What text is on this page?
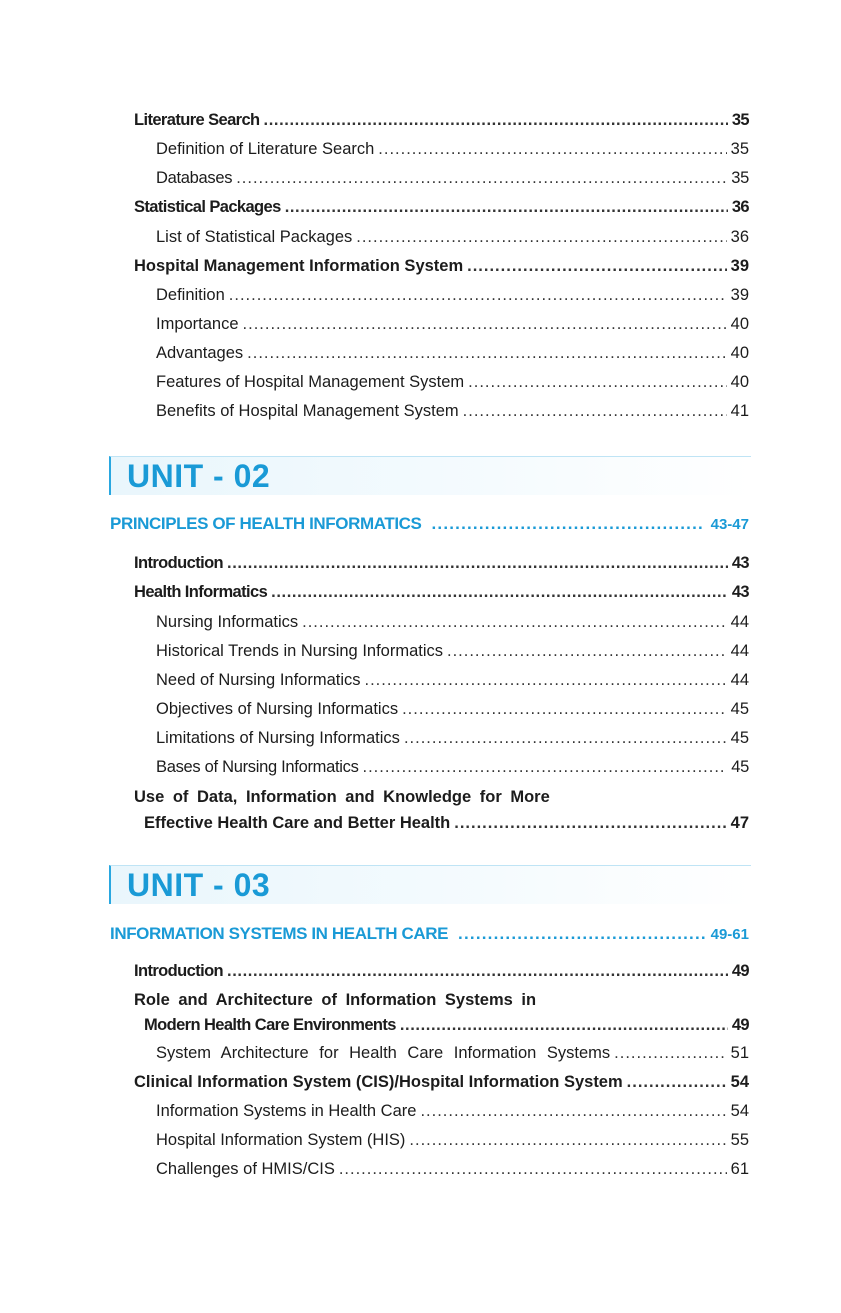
Literature Search .....	35
Definition of Literature Search .....	35
Databases .....	35
Statistical Packages .....	36
List of Statistical Packages .....	36
Hospital Management Information System .....	39
Definition .....	39
Importance .....	40
Advantages .....	40
Features of Hospital Management System .....	40
Benefits of Hospital Management System .....	41
UNIT - 02
PRINCIPLES OF HEALTH INFORMATICS .....	43-47
Introduction .....	43
Health Informatics .....	43
Nursing Informatics .....	44
Historical Trends in Nursing Informatics .....	44
Need of Nursing Informatics .....	44
Objectives of Nursing Informatics .....	45
Limitations of Nursing Informatics .....	45
Bases of Nursing Informatics .....	45
Use of Data, Information and Knowledge for More
Effective Health Care and Better Health .....	47
UNIT - 03
INFORMATION SYSTEMS IN HEALTH CARE .....	49-61
Introduction .....	49
Role and Architecture of Information Systems in
Modern Health Care Environments .....	49
System Architecture for Health Care Information Systems .....	51
Clinical Information System (CIS)/Hospital Information System .....	54
Information Systems in Health Care .....	54
Hospital Information System (HIS) .....	55
Challenges of HMIS/CIS .....	61
